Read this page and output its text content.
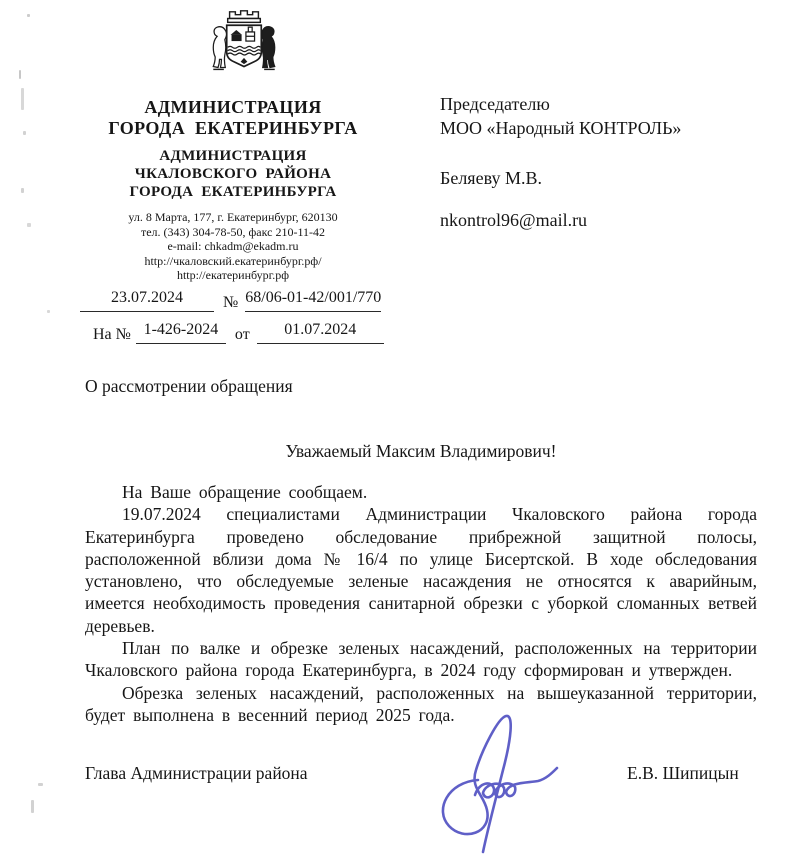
АДМИНИСТРАЦИЯ
ГОРОДА ЕКАТЕРИНБУРГА
АДМИНИСТРАЦИЯ
ЧКАЛОВСКОГО РАЙОНА
ГОРОДА ЕКАТЕРИНБУРГА
ул. 8 Марта, 177, г. Екатеринбург, 620130
тел. (343) 304-78-50, факс 210-11-42
e-mail: chkadm@ekadm.ru
http://чкаловский.екатеринбург.рф/
http://екатеринбург.рф
Председателю
МОО «Народный КОНТРОЛЬ»
Беляеву М.В.
nkontrol96@mail.ru
23.07.2024	№ 68/06-01-42/001/770
На № 1-426-2024	от	01.07.2024
О рассмотрении обращения
Уважаемый Максим Владимирович!

На Ваше обращение сообщаем.

19.07.2024 специалистами Администрации Чкаловского района города Екатеринбурга проведено обследование прибрежной защитной полосы, расположенной вблизи дома № 16/4 по улице Бисертской. В ходе обследования установлено, что обследуемые зеленые насаждения не относятся к аварийным, имеется необходимость проведения санитарной обрезки с уборкой сломанных ветвей деревьев.

План по валке и обрезке зеленых насаждений, расположенных на территории Чкаловского района города Екатеринбурга, в 2024 году сформирован и утвержден.

Обрезка зеленых насаждений, расположенных на вышеуказанной территории, будет выполнена в весенний период 2025 года.

Глава Администрации района	Е.В. Шипицын
